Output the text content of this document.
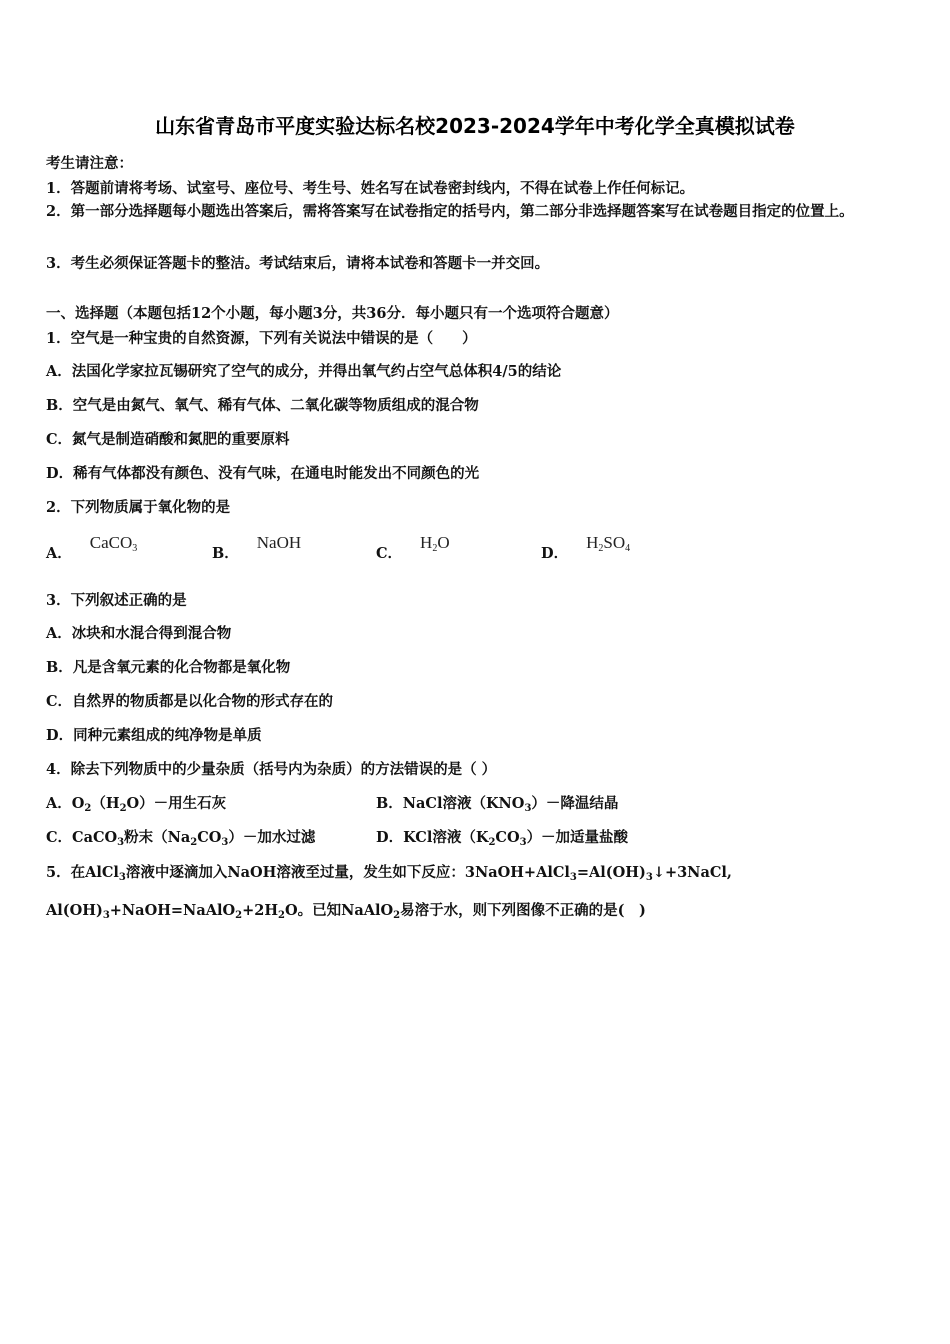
山东省青岛市平度实验达标名校2023-2024学年中考化学全真模拟试卷
考生请注意：
1．答题前请将考场、试室号、座位号、考生号、姓名写在试卷密封线内，不得在试卷上作任何标记。
2．第一部分选择题每小题选出答案后，需将答案写在试卷指定的括号内，第二部分非选择题答案写在试卷题目指定的位置上。
3．考生必须保证答题卡的整洁。考试结束后，请将本试卷和答题卡一并交回。
一、选择题（本题包括12个小题，每小题3分，共36分．每小题只有一个选项符合题意）
1．空气是一种宝贵的自然资源，下列有关说法中错误的是（　　）
A．法国化学家拉瓦锡研究了空气的成分，并得出氧气约占空气总体积4/5的结论
B．空气是由氮气、氧气、稀有气体、二氧化碳等物质组成的混合物
C．氮气是制造硝酸和氮肥的重要原料
D．稀有气体都没有颜色、没有气味，在通电时能发出不同颜色的光
2．下列物质属于氧化物的是
A．CaCO$_3$	B．NaOH
C．$H_2O$
D．$H_2SO_4$
3．下列叙述正确的是
A．冰块和水混合得到混合物
B．凡是含氧元素的化合物都是氧化物
C．自然界的物质都是以化合物的形式存在的
D．同种元素组成的纯净物是单质
4．除去下列物质中的少量杂质（括号内为杂质）的方法错误的是（ ）
A．$O_2(H_2O)-$用生石灰	B．NaCl溶液$(KNO_3)-$降温结晶
C．CaCO$_3$粉末$(Na_2CO_3)-$加水过滤	D．KCl溶液$(K_2CO_3)-$加适量盐酸
5．在AlCl$_3$溶液中逐滴加入NaOH溶液至过量，发生如下反应：$3NaOH+AlCl_3=Al(OH)_3↓+3NaCl$,
$Al(OH)_3+NaOH=NaAlO_2+2H_2O$。已知NaAlO$_2$易溶于水，则下列图像不正确的是(　)
